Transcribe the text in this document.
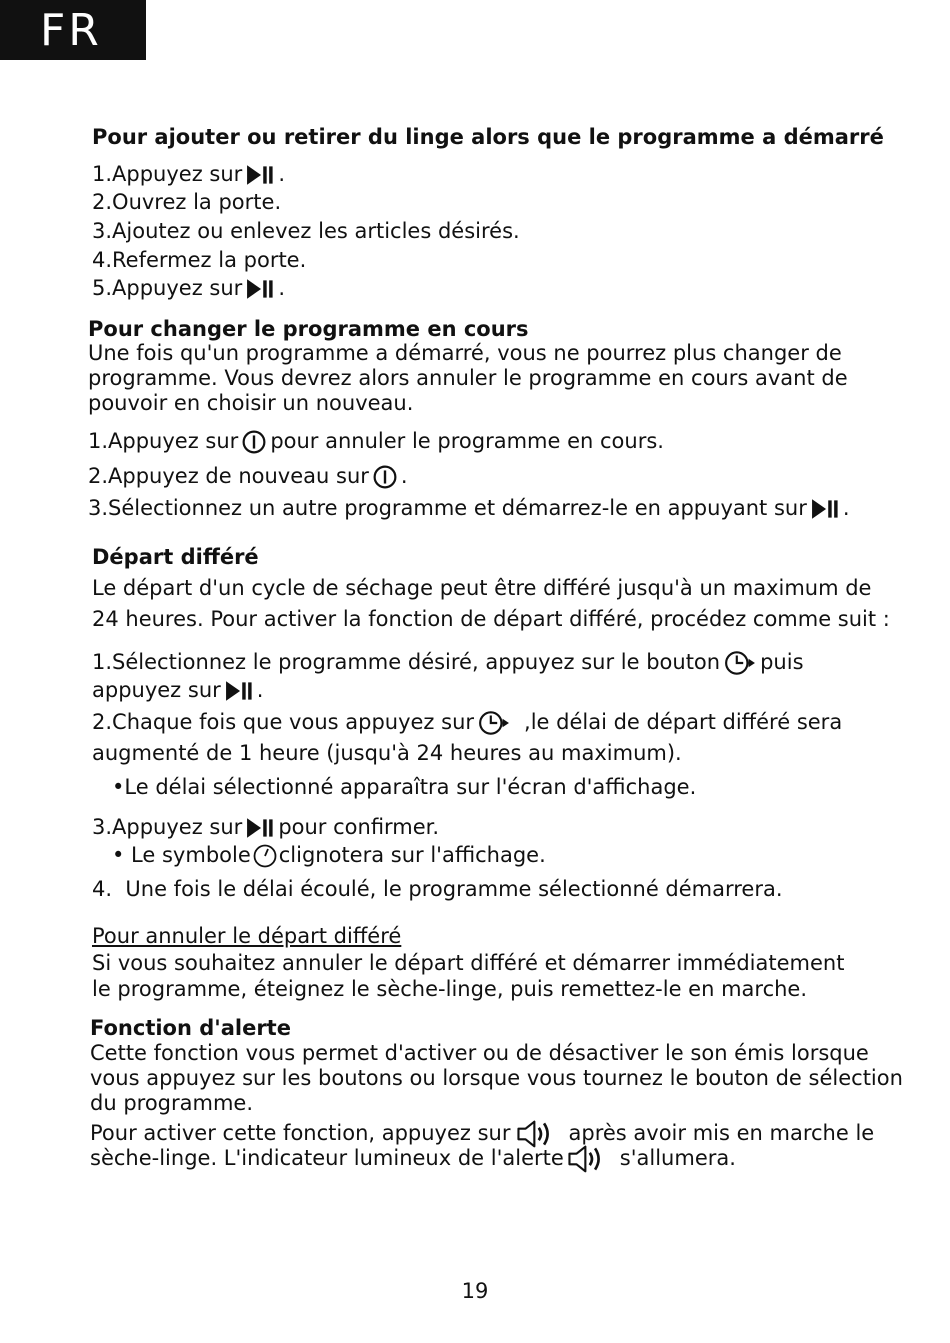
FR
Pour ajouter ou retirer du linge alors que le programme a démarré
1.Appuyez sur .
2.Ouvrez la porte.
3.Ajoutez ou enlevez les articles désirés.
4.Refermez la porte.
5.Appuyez sur .
Pour changer le programme en cours
Une fois qu'un programme a démarré, vous ne pourrez plus changer de
programme. Vous devrez alors annuler le programme en cours avant de
pouvoir en choisir un nouveau.
1.Appuyez sur pour annuler le programme en cours.
2.Appuyez de nouveau sur .
3.Sélectionnez un autre programme et démarrez-le en appuyant sur .
Départ différé
Le départ d'un cycle de séchage peut être différé jusqu'à un maximum de
24 heures. Pour activer la fonction de départ différé, procédez comme suit :
1.Sélectionnez le programme désiré, appuyez sur le bouton puis
appuyez sur .
2.Chaque fois que vous appuyez sur ,le délai de départ différé sera
augmenté de 1 heure (jusqu'à 24 heures au maximum).
•Le délai sélectionné apparaîtra sur l'écran d'affichage.
3.Appuyez sur pour confirmer.
• Le symbole clignotera sur l'affichage.
4. Une fois le délai écoulé, le programme sélectionné démarrera.
Pour annuler le départ différé
Si vous souhaitez annuler le départ différé et démarrer immédiatement
le programme, éteignez le sèche-linge, puis remettez-le en marche.
Fonction d'alerte
Cette fonction vous permet d'activer ou de désactiver le son émis lorsque
vous appuyez sur les boutons ou lorsque vous tournez le bouton de sélection
du programme.
Pour activer cette fonction, appuyez sur	après avoir mis en marche le
sèche-linge. L'indicateur lumineux de l'alerte	s'allumera.
19
